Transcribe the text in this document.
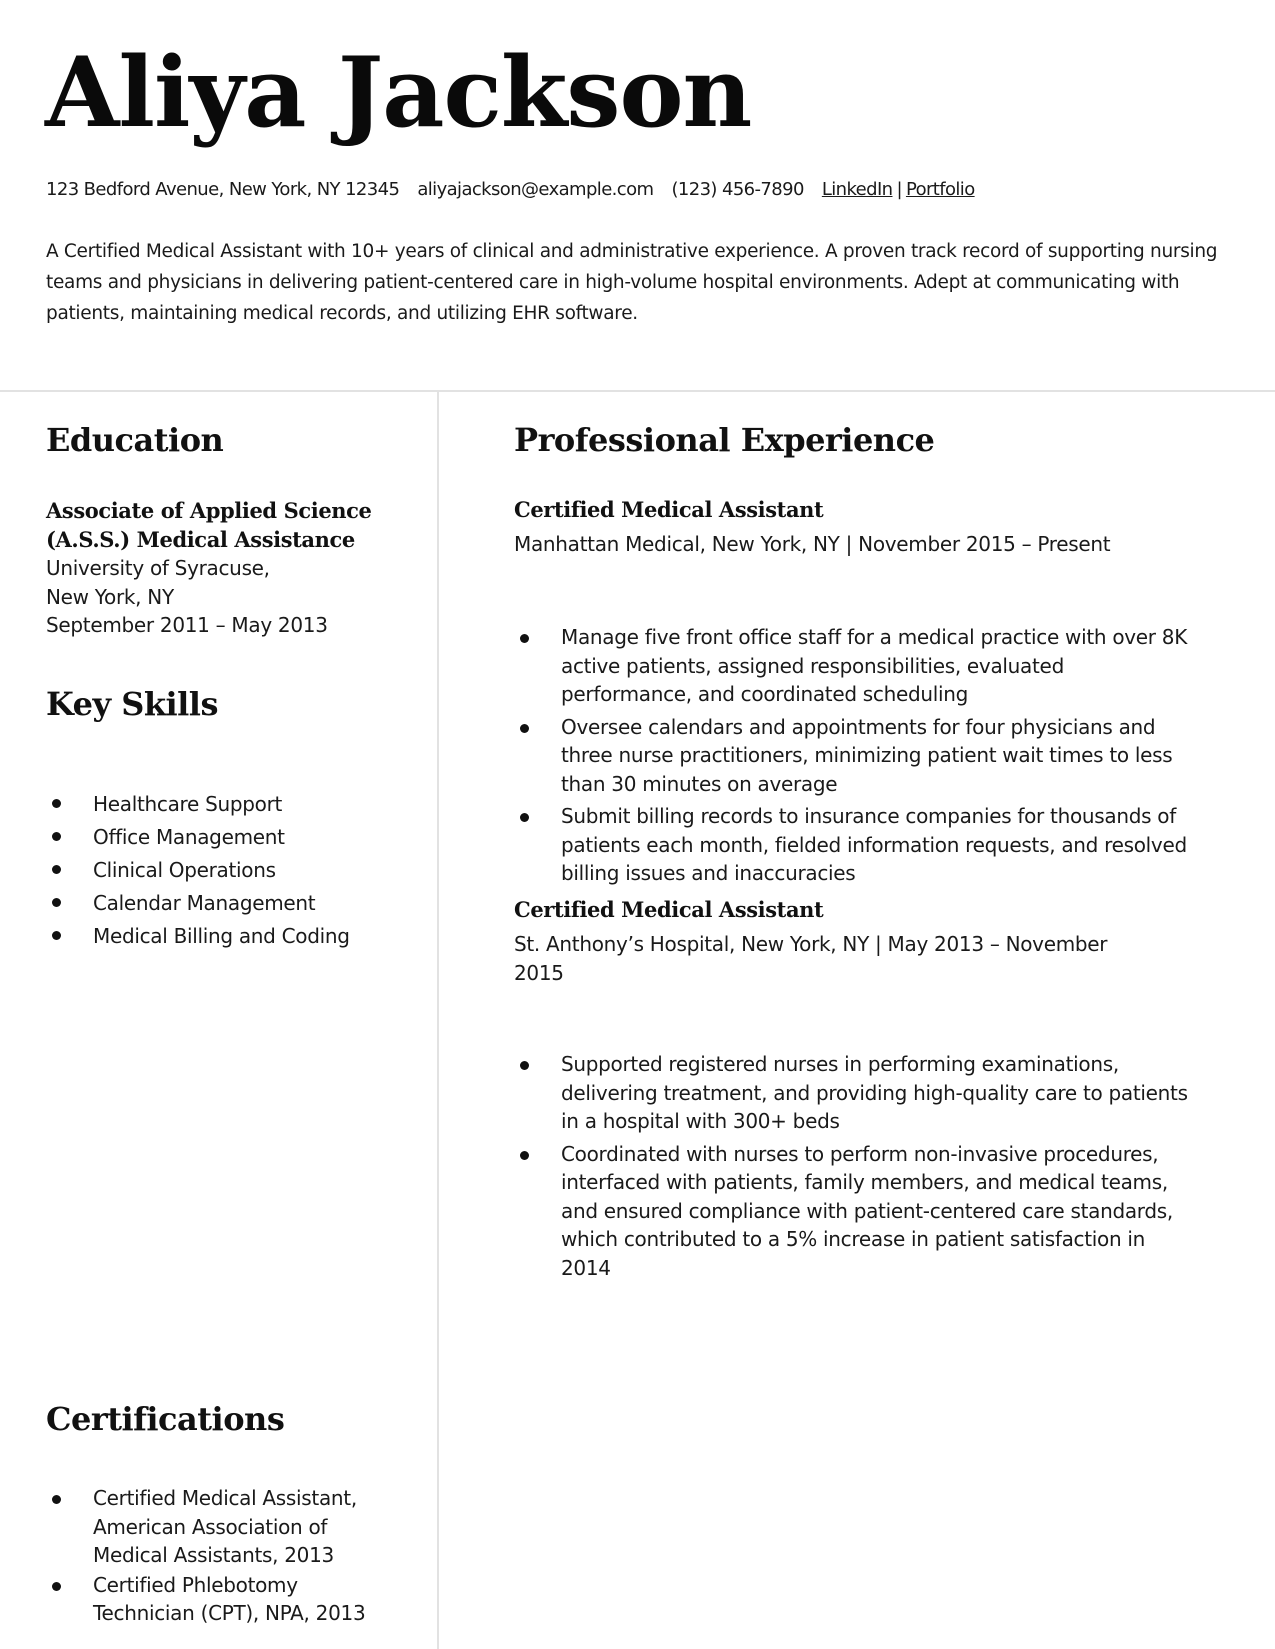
Aliya Jackson
123 Bedford Avenue, New York, NY 12345 aliyajackson@example.com (123) 456-7890 LinkedIn | Portfolio

A Certified Medical Assistant with 10+ years of clinical and administrative experience. A proven track record of supporting nursing teams and physicians in delivering patient-centered care in high-volume hospital environments. Adept at communicating with patients, maintaining medical records, and utilizing EHR software.

Education

Associate of Applied Science (A.S.S.) Medical Assistance

University of Syracuse, New York, NY

September 2011 – May 2013

Key Skills
Healthcare Support
Office Management
Clinical Operations
Calendar Management
Medical Billing and Coding
Certifications
Certified Medical Assistant, American Association of Medical Assistants, 2013
Certified Phlebotomy Technician (CPT), NPA, 2013
Professional Experience

Certified Medical Assistant

Manhattan Medical, New York, NY | November 2015 – Present

Manage five front office staff for a medical practice with over 8K active patients, assigned responsibilities, evaluated performance, and coordinated scheduling
Oversee calendars and appointments for four physicians and three nurse practitioners, minimizing patient wait times to less than 30 minutes on average
Submit billing records to insurance companies for thousands of patients each month, fielded information requests, and resolved billing issues and inaccuracies

Certified Medical Assistant

St. Anthony’s Hospital, New York, NY | May 2013 – November 2015

Supported registered nurses in performing examinations, delivering treatment, and providing high-quality care to patients in a hospital with 300+ beds
Coordinated with nurses to perform non-invasive procedures, interfaced with patients, family members, and medical teams, and ensured compliance with patient-centered care standards, which contributed to a 5% increase in patient satisfaction in 2014
